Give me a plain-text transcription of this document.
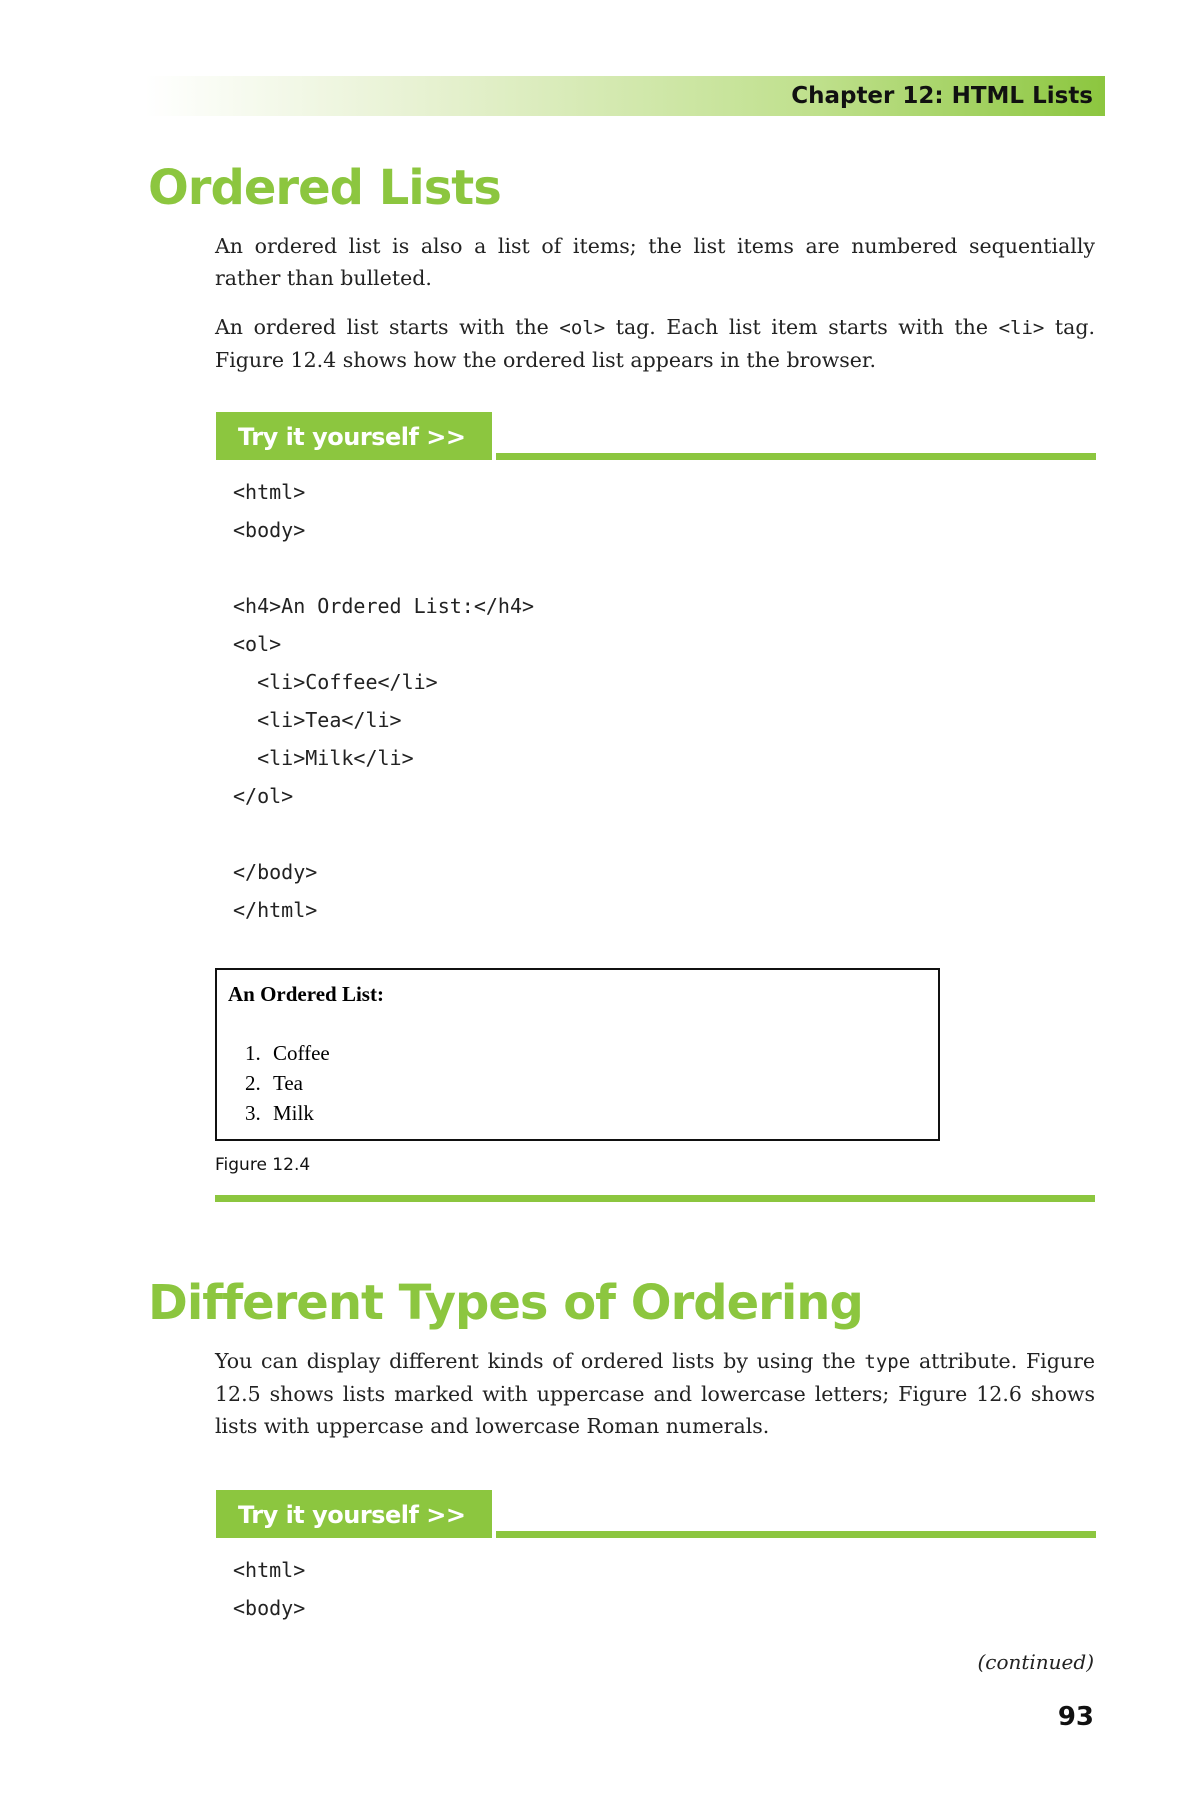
Chapter 12: HTML Lists
Ordered Lists

An ordered list is also a list of items; the list items are numbered sequentially rather than bulleted.

An ordered list starts with the <ol> tag. Each list item starts with the <li> tag. Figure 12.4 shows how the ordered list appears in the browser.

Try it yourself >>
<html>
<body>

<h4>An Ordered List:</h4>
<ol>
<li>Coffee</li>
<li>Tea</li>
<li>Milk</li>
</ol>

</body>
</html>
An Ordered List:
1. Coffee
2. Tea
3. Milk
Figure 12.4
Different Types of Ordering

You can display different kinds of ordered lists by using the type attribute. Figure 12.5 shows lists marked with uppercase and lowercase letters; Figure 12.6 shows lists with uppercase and lowercase Roman numerals.

Try it yourself >>
<html>
<body>
(continued)
93
